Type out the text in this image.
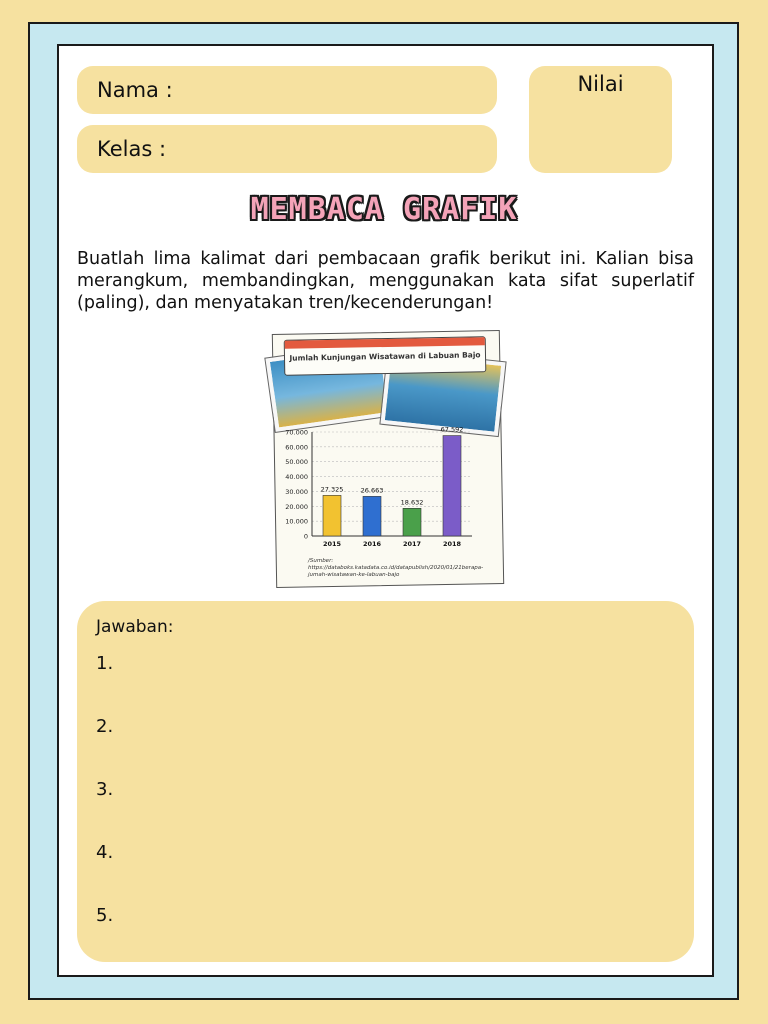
Nama :
Kelas :
Nilai
MEMBACA GRAFIK
Buatlah lima kalimat dari pembacaan grafik berikut ini. Kalian bisa merangkum, membandingkan, menggunakan kata sifat superlatif (paling), dan menyatakan tren/kecenderungan!
Jumlah Kunjungan Wisatawan di Labuan Bajo
0
10.000
20.000
30.000
40.000
50.000
60.000
70.000
27.325
2015
26.663
2016
18.632
2017
67.592
2018
/Sumber: https://databoks.katadata.co.id/datapublish/2020/01/21berapa-jumah-wisatawan-ke-labuan-bajo
Jawaban:
1.
2.
3.
4.
5.
